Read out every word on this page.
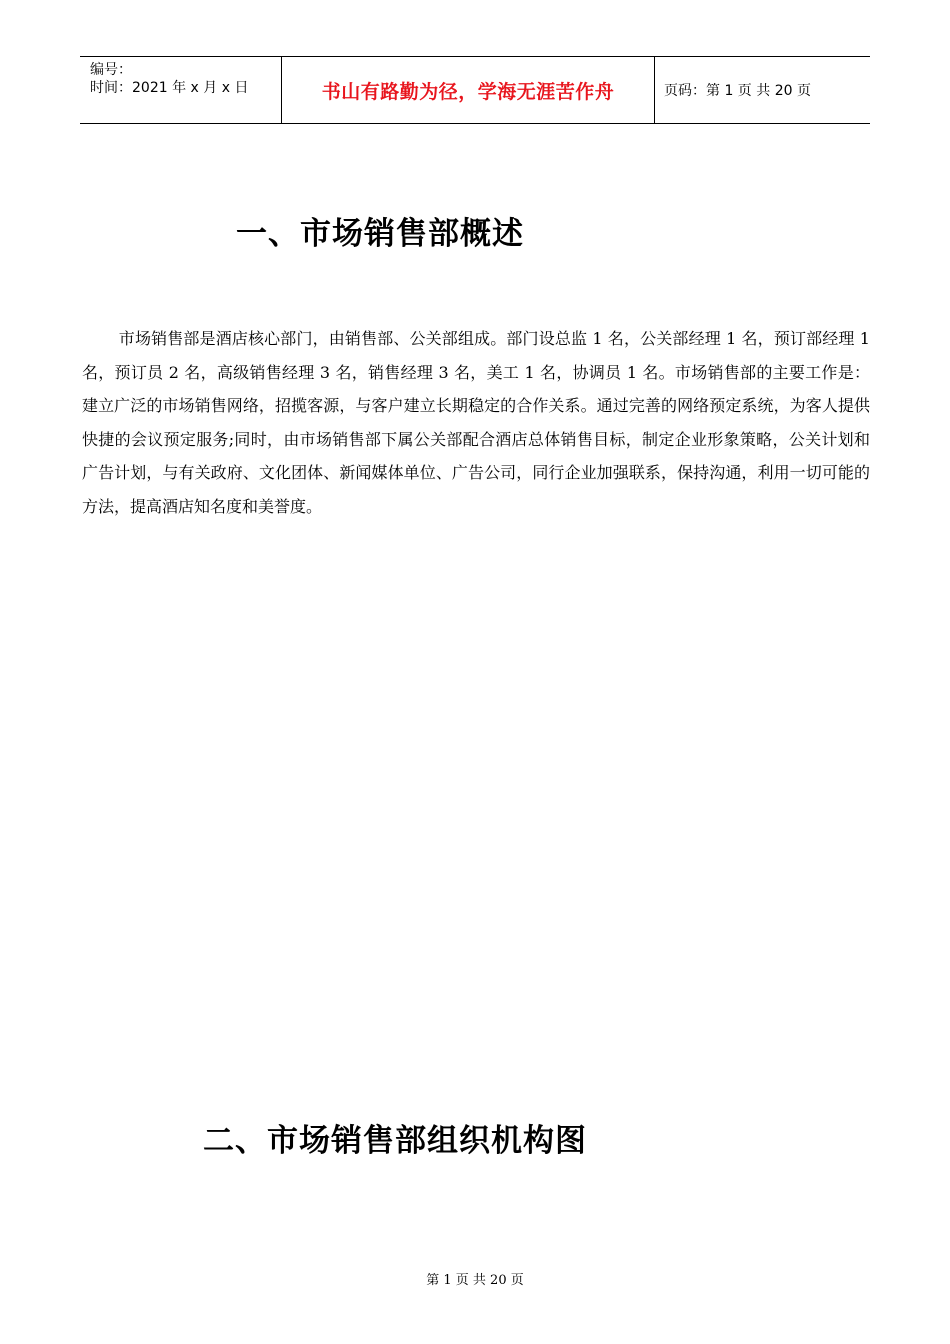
编号：
时间：2021 年 x 月 x 日	书山有路勤为径，学海无涯苦作舟	页码：第 1 页 共 20 页
一、市场销售部概述

市场销售部是酒店核心部门，由销售部、公关部组成。部门设总监 1 名，公关部经理 1 名，预订部经理 1 名，预订员 2 名，高级销售经理 3 名，销售经理 3 名，美工 1 名，协调员 1 名。市场销售部的主要工作是：建立广泛的市场销售网络，招揽客源，与客户建立长期稳定的合作关系。通过完善的网络预定系统，为客人提供快捷的会议预定服务;同时，由市场销售部下属公关部配合酒店总体销售目标，制定企业形象策略，公关计划和广告计划，与有关政府、文化团体、新闻媒体单位、广告公司，同行企业加强联系，保持沟通，利用一切可能的方法，提高酒店知名度和美誉度。

二、市场销售部组织机构图
第 1 页 共 20 页
